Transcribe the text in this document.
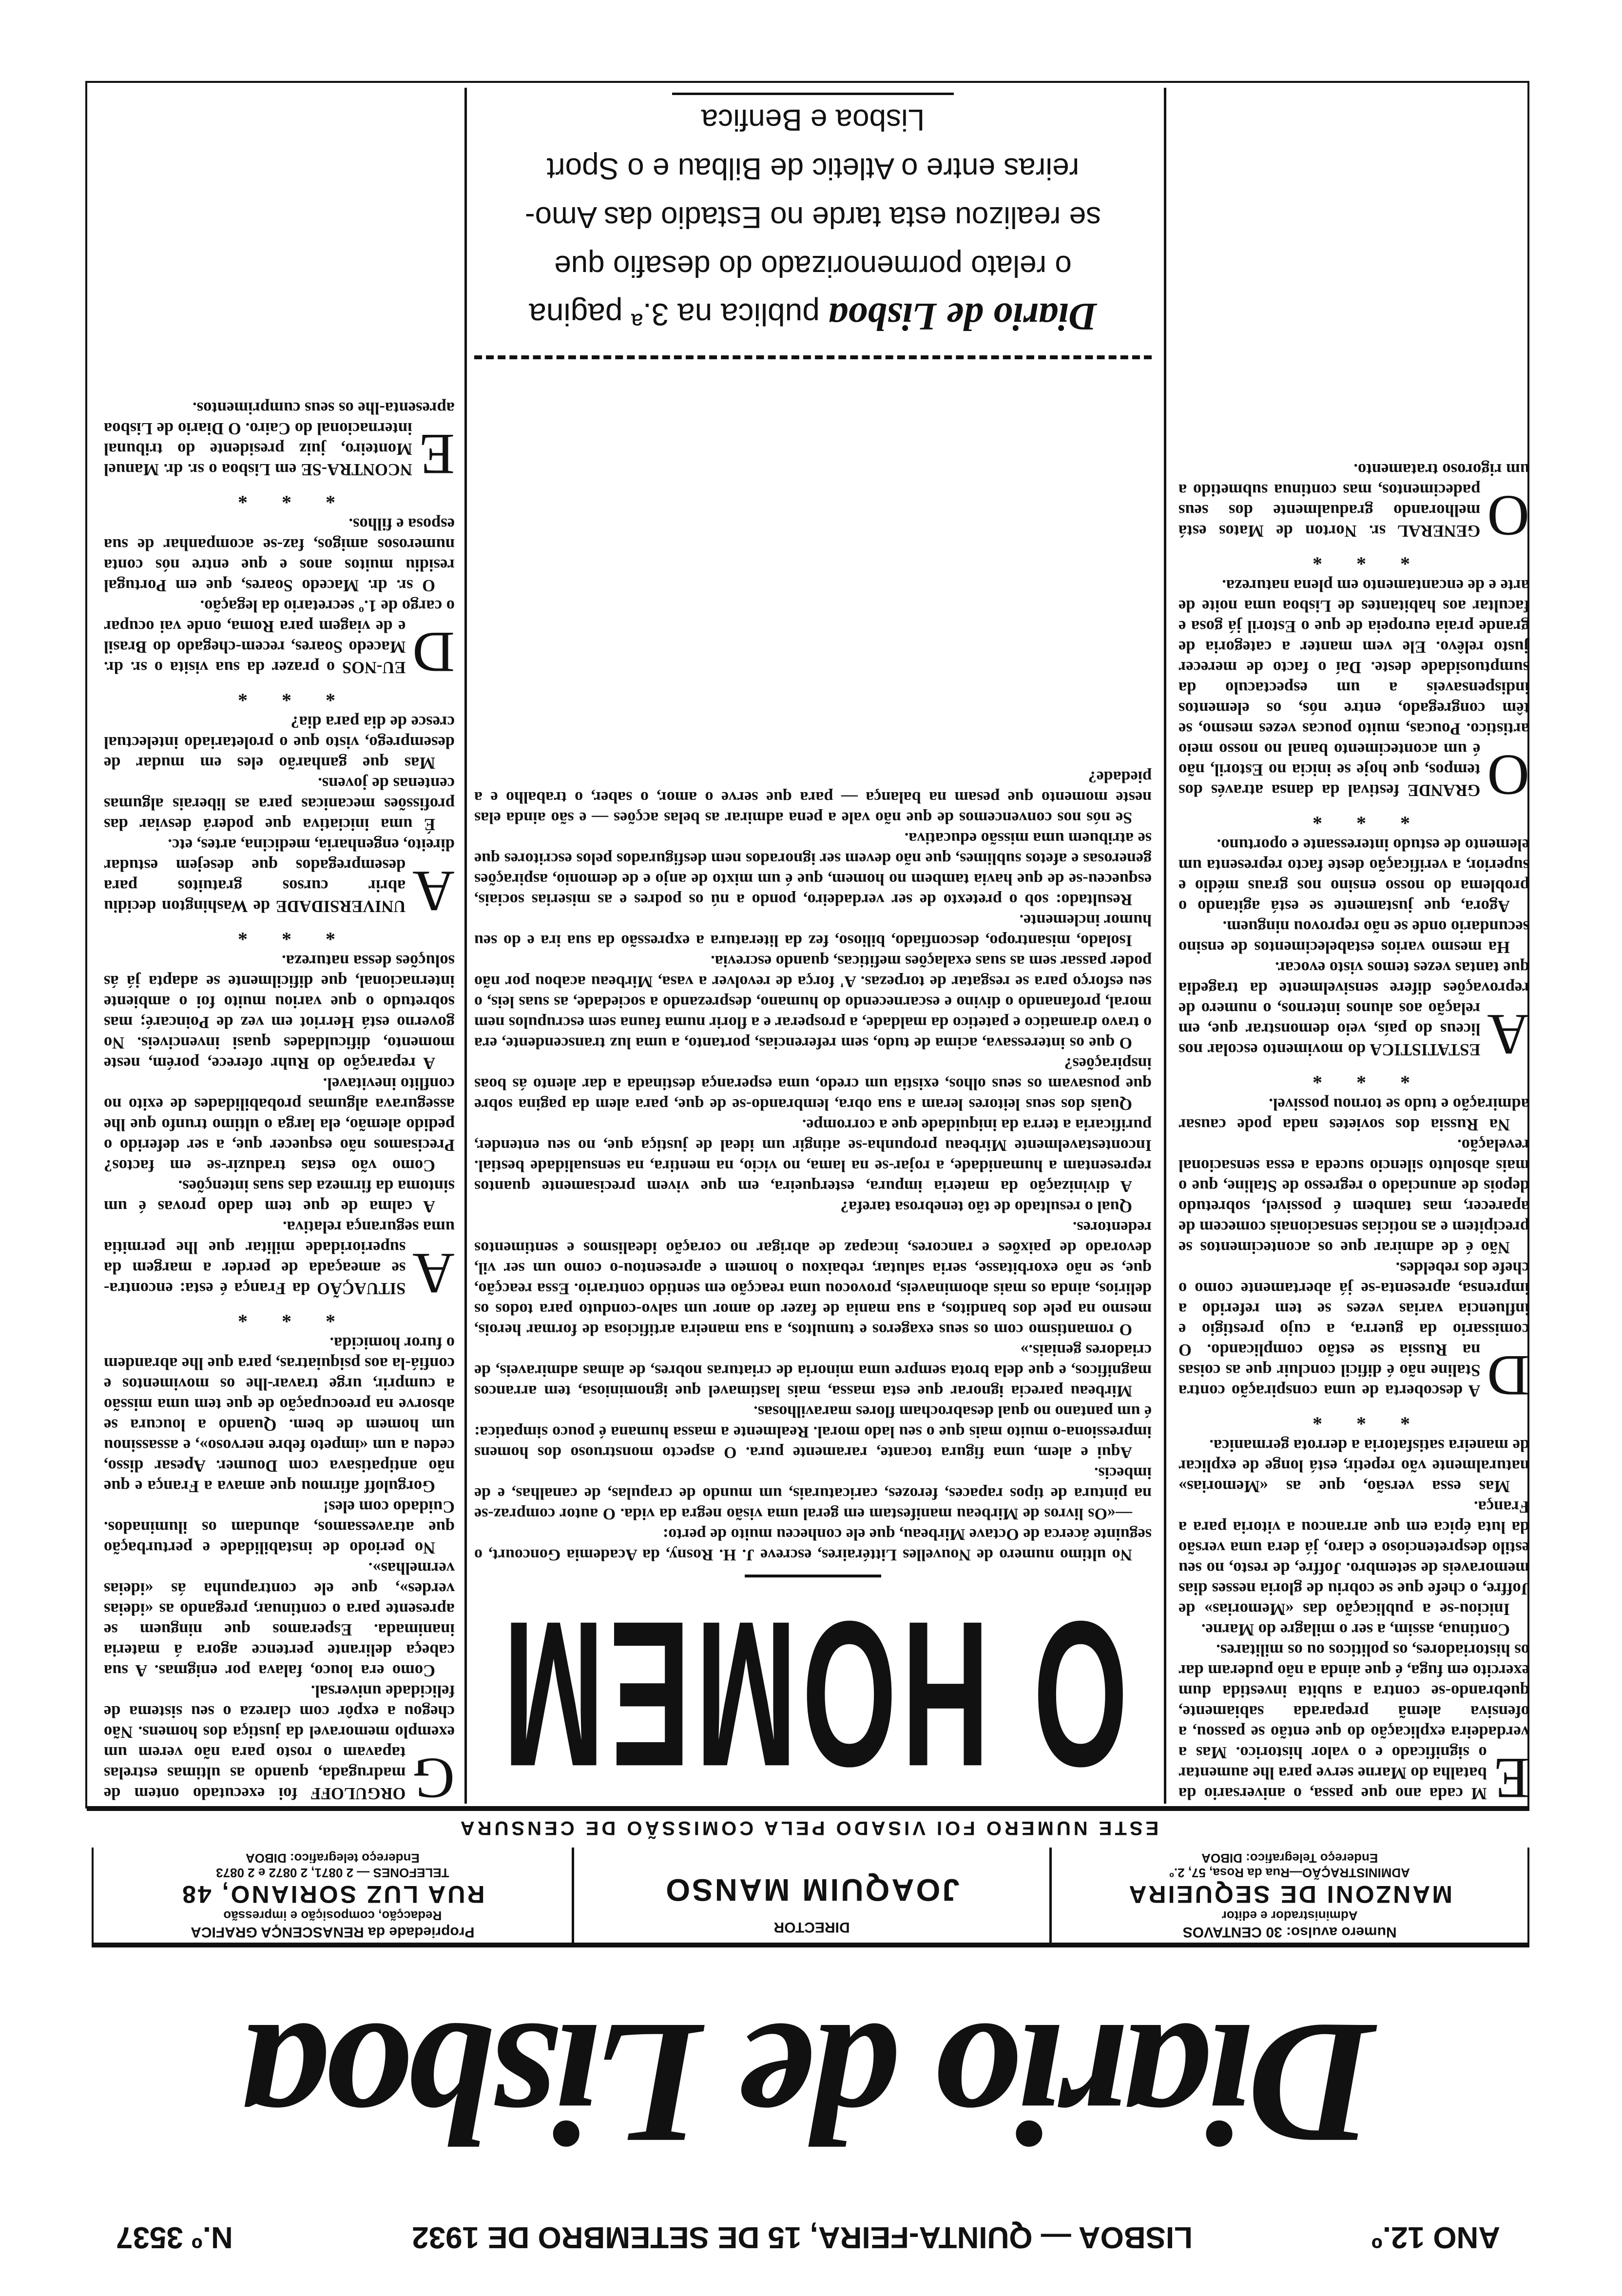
ANO 12.º
LISBOA — QUINTA-FEIRA, 15 DE SETEMBRO DE 1932
N.º 3537
Diario de Lisboa
Numero avulso: 30 CENTAVOS
Administrador e editor
MANZONI DE SEQUEIRA
ADMINISTRAÇÃO—Rua da Rosa, 57, 2.º
Endereço Telegrafico: DIBOA
DIRECTOR
JOAQUIM MANSO
Propriedade da RENASCENÇA GRAFICA
Redacção, composição e impressão
RUA LUZ SORIANO, 48
TELEFONES — 2 0871, 2 0872 e 2 0873
Endereço telegrafico: DIBOA
ESTE NUMERO FOI VISADO PELA COMISSÃO DE CENSURA

EM cada ano que passa, o aniversario da batalha do Marne serve para lhe aumentar o significado e o valor historico. Mas a verdadeira explicação do que então se passou, a ofensiva alemã preparada sabiamente, quebrando-se contra a subita investida dum exercito em fuga, é que ainda a não puderam dar os historiadores, os politicos ou os militares.

Continua, assim, a ser o milagre do Marne.

Iniciou-se a publicação das «Memorias» de Joffre, o chefe que se cobriu de gloria nesses dias memoraveis de setembro. Joffre, de resto, no seu estilo despretencioso e claro, já dera uma versão da luta épica em que arrancou a vitoria para a França.

Mas essa versão, que as «Memorias» naturalmente vão repetir, está longe de explicar de maneira satisfatoria a derrota germanica.

* * *

DA descoberta de uma conspiração contra Staline não é dificil concluir que as coisas na Russia se estão complicando. O comissario da guerra, a cujo prestigio e influencia varias vezes se tem referido a imprensa, apresenta-se já abertamente como o chefe dos rebeldes.

Não é de admirar que os acontecimentos se precipitem e as noticias sensacionais comecem de aparecer, mas tambem é possivel, sobretudo depois de anunciado o regresso de Staline, que o mais absoluto silencio suceda a essa sensacional revelação.

Na Russia dos sovietes nada pode causar admiração e tudo se tornou possivel.

* * *

AESTATISTICA do movimento escolar nos liceus do país, veio demonstrar que, em relação aos alunos internos, o numero de reprovações difere sensivelmente da tragedia que tantas vezes temos visto evocar.

Ha mesmo varios estabelecimentos de ensino secundario onde se não reprovou ninguem.

Agora, que justamente se está agitando o problema do nosso ensino nos graus médio e superior, a verificação deste facto representa um elemento de estudo interessante e oportuno.

* * *

OGRANDE festival da dansa através dos tempos, que hoje se inicia no Estoril, não é um acontecimento banal no nosso meio artistico. Poucas, muito poucas vezes mesmo, se têm congregado, entre nós, os elementos indispensaveis a um espectaculo da sumptuosidade deste. Daí o facto de merecer justo relêvo. Ele vem manter a categoria de grande praia europeia de que o Estoril já gosa e facultar aos habitantes de Lisboa uma noite de arte e de encantamento em plena natureza.

* * *

OGENERAL sr. Norton de Matos está melhorando gradualmente dos seus padecimentos, mas continua submetido a um rigoroso tratamento.

O HOMEM

No ultimo numero de Nouvelles Littéraires, escreve J. H. Rosny, da Academia Goncourt, o seguinte ácerca de Octave Mirbeau, que ele conheceu muito de perto:

—«Os livros de Mirbeau manifestam em geral uma visão negra da vida. O autor compraz-se na pintura de tipos rapaces, ferozes, caricaturais, um mundo de crapulas, de canalhas, e de imbecis.

Aqui e alem, uma figura tocante, raramente pura. O aspecto monstruoso dos homens impressiona-o muito mais que o seu lado moral. Realmente a massa humana é pouco simpatica: é um pantano no qual desabrocham flores maravilhosas.

Mirbeau parecia ignorar que esta massa, mais lastimavel que ignominiosa, tem arrancos magnificos, e que dela brota sempre uma minoria de criaturas nobres, de almas admiraveis, de criadores geniais.»

O romantismo com os seus exageros e tumultos, a sua maneira artificiosa de formar herois, mesmo na pele dos banditos, a sua mania de fazer do amor um salvo-conduto para todos os delirios, ainda os mais abominaveis, provocou uma reacção em sentido contrario. Essa reacção, que, se não exorbitasse, seria salutar, rebaixou o homem e apresentou-o como um ser vil, devorado de paixões e rancores, incapaz de abrigar no coração idealismos e sentimentos redentores.

Qual o resultado de tão tenebrosa tarefa?

A divinização da materia impura, esterqueira, em que vivem precisamente quantos representam a humanidade, a rojar-se na lama, no vicio, na mentira, na sensualidade bestial. Incontestavelmente Mirbeau propunha-se atingir um ideal de justiça que, no seu entender, purificaria a terra da iniquidade que a corrompe.

Quais dos seus leitores leram a sua obra, lembrando-se de que, para alem da pagina sobre que pousavam os seus olhos, existia um credo, uma esperança destinada a dar alento ás boas inspirações?

O que os interessava, acima de tudo, sem referencias, portanto, a uma luz transcendente, era o travo dramatico e patetico da maldade, a prosperar e a florir numa fauna sem escrupulos nem moral, profanando o divino e escarnecendo do humano, desprezando a sociedade, as suas leis, o seu esforço para se resgatar de torpezas. A' força de revolver a vasa, Mirbeau acabou por não poder passar sem as suas exalações mefiticas, quando escrevia.

Isolado, misantropo, desconfiado, bilioso, fez da literatura a expressão da sua ira e do seu humor inclemente.

Resultado: sob o pretexto de ser verdadeiro, pondo a nú os podres e as miserias sociais, esqueceu-se de que havia tambem no homem, que é um mixto de anjo e de demonio, aspirações generosas e afetos sublimes, que não devem ser ignorados nem desfigurados pelos escritores que se atribuem uma missão educativa.

Se nós nos convencemos de que não vale a pena admirar as belas acções — e são ainda elas neste momento que pesam na balança — para que serve o amor, o saber, o trabalho e a piedade?

Diario de Lisboa publica na 3.ª pagina
o relato pormenorizado do desafio que
se realizou esta tarde no Estadio das Amo-
reiras entre o Atletic de Bilbau e o Sport
Lisboa e Benfica

GORGULOFF foi executado ontem de madrugada, quando as ultimas estrelas tapavam o rosto para não verem um exemplo memoravel da justiça dos homens. Não chegou a expôr com clareza o seu sistema de felicidade universal.

Como era louco, falava por enigmas. A sua cabeça delirante pertence agora á materia inanimada. Esperamos que ninguem se apresente para o continuar, pregando as «ideias verdes», que ele contrapunha ás «ideias vermelhas».

No periodo de instabilidade e perturbação que atravessamos, abundam os iluminados. Cuidado com eles!

Gorguloff afirmou que amava a França e que não antipatisava com Doumer. Apesar disso, cedeu a um «impeto febre nervoso», e assassinou um homem de bem. Quando a loucura se absorve na preocupação de que tem uma missão a cumprir, urge travar-lhe os movimentos e confiá-la aos psiquiatras, para que lhe abrandem o furor homicida.

* * *

ASITUAÇÃO da França é esta: encontra-se ameaçada de perder a margem da superioridade militar que lhe permitia uma segurança relativa.

A calma de que tem dado provas é um sintoma da firmeza das suas intenções.

Como vão estas traduzir-se em factos? Precisamos não esquecer que, a ser deferido o pedido alemão, ela larga o ultimo trunfo que lhe assegurava algumas probabilidades de exito no conflito inevitavel.

A reparação do Ruhr oferece, porém, neste momento, dificuldades quasi invenciveis. No governo está Herriot em vez de Poincaré; mas sobretudo o que variou muito foi o ambiente internacional, que dificilmente se adapta já ás soluções dessa natureza.

* * *

AUNIVERSIDADE de Washington decidiu abrir cursos gratuitos para desempregados que desejem estudar direito, engenharia, medicina, artes, etc.

É uma iniciativa que poderá desviar das profissões mecanicas para as liberais algumas centenas de jovens.

Mas que ganharão eles em mudar de desemprego, visto que o proletariado intelectual cresce de dia para dia?

* * *

DEU-NOS o prazer da sua visita o sr. dr. Macedo Soares, recem-chegado do Brasil e de viagem para Roma, onde vai ocupar o cargo de 1.º secretario da legação.

O sr. dr. Macedo Soares, que em Portugal residiu muitos anos e que entre nós conta numerosos amigos, faz-se acompanhar de sua esposa e filhos.

* * *

ENCONTRA-SE em Lisboa o sr. dr. Manuel Monteiro, juiz presidente do tribunal internacional do Cairo. O Diario de Lisboa apresenta-lhe os seus cumprimentos.
